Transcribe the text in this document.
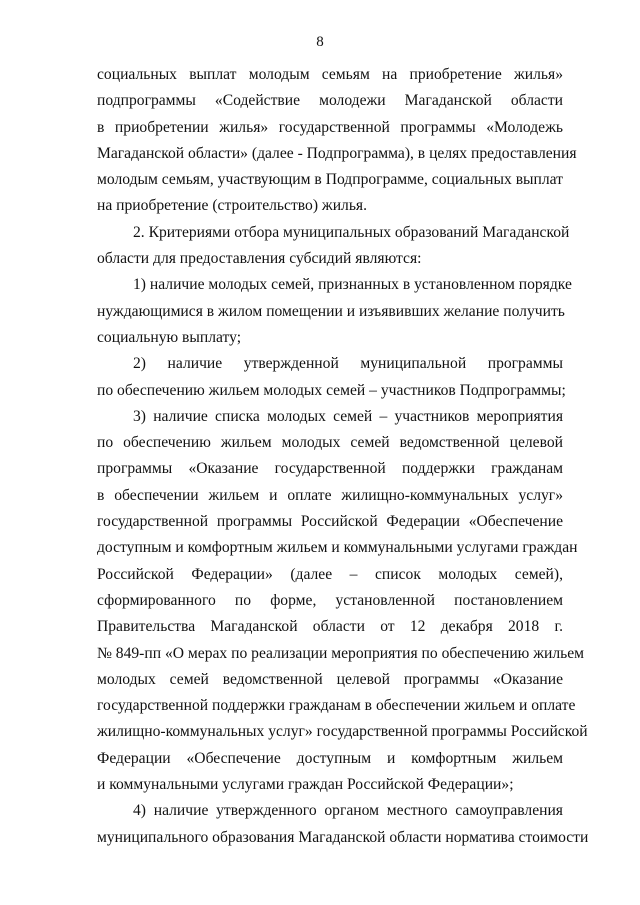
8
социальных выплат молодым семьям на приобретение жилья»
подпрограммы «Содействие молодежи Магаданской области
в приобретении жилья» государственной программы «Молодежь
Магаданской области» (далее - Подпрограмма), в целях предоставления
молодым семьям, участвующим в Подпрограмме, социальных выплат
на приобретение (строительство) жилья.
2. Критериями отбора муниципальных образований Магаданской
области для предоставления субсидий являются:
1) наличие молодых семей, признанных в установленном порядке
нуждающимися в жилом помещении и изъявивших желание получить
социальную выплату;
2) наличие утвержденной муниципальной программы
по обеспечению жильем молодых семей – участников Подпрограммы;
3) наличие списка молодых семей – участников мероприятия
по обеспечению жильем молодых семей ведомственной целевой
программы «Оказание государственной поддержки гражданам
в обеспечении жильем и оплате жилищно-коммунальных услуг»
государственной программы Российской Федерации «Обеспечение
доступным и комфортным жильем и коммунальными услугами граждан
Российской Федерации» (далее – список молодых семей),
сформированного по форме, установленной постановлением
Правительства Магаданской области от 12 декабря 2018 г.
№ 849-пп «О мерах по реализации мероприятия по обеспечению жильем
молодых семей ведомственной целевой программы «Оказание
государственной поддержки гражданам в обеспечении жильем и оплате
жилищно-коммунальных услуг» государственной программы Российской
Федерации «Обеспечение доступным и комфортным жильем
и коммунальными услугами граждан Российской Федерации»;
4) наличие утвержденного органом местного самоуправления
муниципального образования Магаданской области норматива стоимости
